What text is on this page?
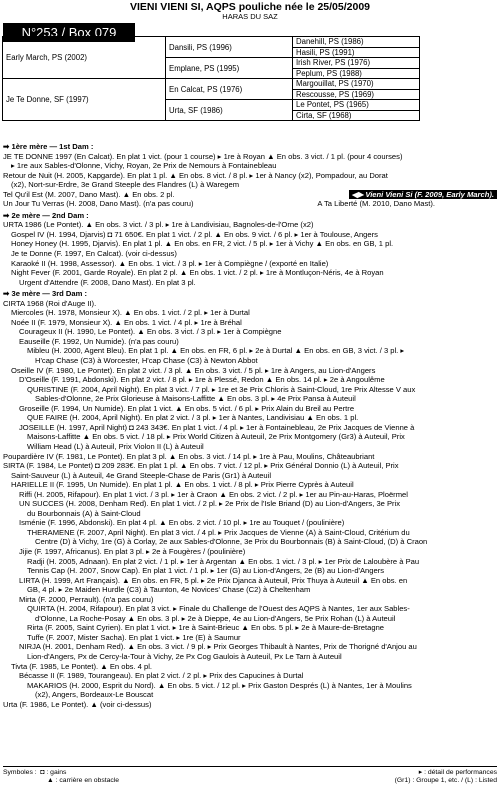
VIENI VIENI SI, AQPS pouliche née le 25/05/2009
HARAS DU SAZ
N°253 / Box 079
Early March, PS (2002)	Dansili, PS (1996)	Danehill, PS (1986)
		Hasili, PS (1991)
	Emplane, PS (1995)	Irish River, PS (1976)
		Peplum, PS (1988)
Je Te Donne, SF (1997)	En Calcat, PS (1976)	Margouillat, PS (1970)
		Rescousse, PS (1969)
	Urta, SF (1986)	Le Pontet, PS (1965)
		Cirta, SF (1968)
➡ 1ère mère — 1st Dam :
JE TE DONNE 1997 (En Calcat). En plat 1 vict. (pour 1 course) ▸ 1re à Royan ▲ En obs. 3 vict. / 1 pl. (pour 4 courses)
▸ 1re aux Sables-d'Olonne, Vichy, Royan, 2e Prix de Nemours à Fontainebleau
Retour de Nuit (H. 2005, Kapgarde). En plat 1 pl. ▲ En obs. 8 vict. / 8 pl. ▸ 1er à Nancy (x2), Pompadour, au Dorat
(x2), Nort-sur-Erdre, 3e Grand Steeple des Flandres (L) à Waregem
Tel Qu'il Est (M. 2007, Dano Mast). ▲ En obs. 2 pl.	◀▶ Vieni Vieni Si (F. 2009, Early March).
Un Jour Tu Verras (H. 2008, Dano Mast). (n'a pas couru)	A Ta Liberté (M. 2010, Dano Mast).
➡ 2e mère — 2nd Dam :
URTA 1986 (Le Pontet). ▲ En obs. 3 vict. / 3 pl. ▸ 1re à Landivisiau, Bagnoles-de-l'Orne (x2)
Gospel IV (H. 1994, Djarvis) ◘ 71 650€. En plat 1 vict. / 2 pl. ▲ En obs. 9 vict. / 6 pl. ▸ 1er à Toulouse, Angers
Honey Honey (H. 1995, Djarvis). En plat 1 pl. ▲ En obs. en FR, 2 vict. / 5 pl. ▸ 1er à Vichy ▲ En obs. en GB, 1 pl.
Je te Donne (F. 1997, En Calcat). (voir ci-dessus)
Karaoké II (H. 1998, Assessor). ▲ En obs. 1 vict. / 3 pl. ▸ 1er à Compiègne / (exporté en Italie)
Night Fever (F. 2001, Garde Royale). En plat 2 pl. ▲ En obs. 1 vict. / 2 pl. ▸ 1re à Montluçon-Néris, 4e à Royan
Urgent d'Attendre (F. 2008, Dano Mast). En plat 3 pl.
➡ 3e mère — 3rd Dam :
CIRTA 1968 (Roi d'Auge II).
Miercoles (H. 1978, Monsieur X). ▲ En obs. 1 vict. / 2 pl. ▸ 1er à Durtal
Noée II (F. 1979, Monsieur X). ▲ En obs. 1 vict. / 4 pl. ▸ 1re à Bréhal
Courageux II (H. 1990, Le Pontet). ▲ En obs. 3 vict. / 3 pl. ▸ 1er à Compiègne
Eauseille (F. 1992, Un Numide). (n'a pas couru)
Mibleu (H. 2000, Agent Bleu). En plat 1 pl. ▲ En obs. en FR, 6 pl. ▸ 2e à Durtal ▲ En obs. en GB, 3 vict. / 3 pl. ▸
H'cap Chase (C3) à Worcester, H'cap Chase (C3) à Newton Abbot
Oseille IV (F. 1980, Le Pontet). En plat 2 vict. / 3 pl. ▲ En obs. 3 vict. / 5 pl. ▸ 1re à Angers, au Lion-d'Angers
D'Oseille (F. 1991, Abdonski). En plat 2 vict. / 8 pl. ▸ 1re à Plessé, Redon ▲ En obs. 14 pl. ▸ 2e à Angoulême
QURISTINE (F. 2004, April Night). En plat 3 vict. / 7 pl. ▸ 1re et 3e Prix Chloris à Saint-Cloud, 1re Prix Altesse V aux
Sables-d'Olonne, 2e Prix Glorieuse à Maisons-Laffitte ▲ En obs. 3 pl. ▸ 4e Prix Pansa à Auteuil
Groseille (F. 1994, Un Numide). En plat 1 vict. ▲ En obs. 5 vict. / 6 pl. ▸ Prix Alain du Breil au Pertre
QUE FAIRE (H. 2004, April Night). En plat 2 vict. / 3 pl. ▸ 1er à Nantes, Landivisiau ▲ En obs. 1 pl.
JOSEILLE (H. 1997, April Night) ◘ 243 343€. En plat 1 vict. / 4 pl. ▸ 1er à Fontainebleau, 2e Prix Jacques de Vienne à
Maisons-Laffitte ▲ En obs. 5 vict. / 18 pl. ▸ Prix World Citizen à Auteuil, 2e Prix Montgomery (Gr3) à Auteuil, Prix
William Head (L) à Auteuil, Prix Violon II (L) à Auteuil
Poupardière IV (F. 1981, Le Pontet). En plat 3 pl. ▲ En obs. 3 vict. / 14 pl. ▸ 1re à Pau, Moulins, Châteaubriant
SIRTA (F. 1984, Le Pontet) ◘ 209 283€. En plat 1 pl. ▲ En obs. 7 vict. / 12 pl. ▸ Prix Général Donnio (L) à Auteuil, Prix
Saint-Sauveur (L) à Auteuil, 4e Grand Steeple-Chase de Paris (Gr1) à Auteuil
HARIELLE II (F. 1995, Un Numide). En plat 1 pl. ▲ En obs. 1 vict. / 8 pl. ▸ Prix Pierre Cyprès à Auteuil
Riffi (H. 2005, Rifapour). En plat 1 vict. / 3 pl. ▸ 1er à Craon ▲ En obs. 2 vict. / 2 pl. ▸ 1er au Pin-au-Haras, Ploërmel
UN SUCCES (H. 2008, Denham Red). En plat 1 vict. / 2 pl. ▸ 2e Prix de l'Isle Briand (D) au Lion-d'Angers, 3e Prix
du Bourbonnais (A) à Saint-Cloud
Isménie (F. 1996, Abdonski). En plat 4 pl. ▲ En obs. 2 vict. / 10 pl. ▸ 1re au Touquet / (poulinière)
THERAMENE (F. 2007, April Night). En plat 3 vict. / 4 pl. ▸ Prix Jacques de Vienne (A) à Saint-Cloud, Critérium du
Centre (D) à Vichy, 1re (G) à Corlay, 2e aux Sables-d'Olonne, 3e Prix du Bourbonnais (B) à Saint-Cloud, (D) à Craon
Jijie (F. 1997, Africanus). En plat 3 pl. ▸ 2e à Fougères / (poulinière)
Radji (H. 2005, Adnaan). En plat 2 vict. / 1 pl. ▸ 1er à Argentan ▲ En obs. 1 vict. / 3 pl. ▸ 1er Prix de Laloubère à Pau
Tennis Cap (H. 2007, Snow Cap). En plat 1 vict. / 1 pl. ▸ 1er (G) au Lion-d'Angers, 2e (B) au Lion-d'Angers
LIRTA (H. 1999, Art Français). ▲ En obs. en FR, 5 pl. ▸ 2e Prix Djanca à Auteuil, Prix Thuya à Auteuil ▲ En obs. en
GB, 4 pl. ▸ 2e Maiden Hurdle (C3) à Taunton, 4e Novices' Chase (C2) à Cheltenham
Mirta (F. 2000, Perrault). (n'a pas couru)
QUIRTA (H. 2004, Rifapour). En plat 3 vict. ▸ Finale du Challenge de l'Ouest des AQPS à Nantes, 1er aux Sables-
d'Olonne, La Roche-Posay ▲ En obs. 3 pl. ▸ 2e à Dieppe, 4e au Lion-d'Angers, 5e Prix Rohan (L) à Auteuil
Rirta (F. 2005, Saint Cyrien). En plat 1 vict. ▸ 1re à Saint-Brieuc ▲ En obs. 5 pl. ▸ 2e à Maure-de-Bretagne
Tuffe (F. 2007, Mister Sacha). En plat 1 vict. ▸ 1re (E) à Saumur
NIRJA (H. 2001, Denham Red). ▲ En obs. 3 vict. / 9 pl. ▸ Prix Georges Thibault à Nantes, Prix de Thorigné d'Anjou au
Lion-d'Angers, Px de Cercy-la-Tour à Vichy, 2e Px Cog Gaulois à Auteuil, Px Le Tarn à Auteuil
Tivta (F. 1985, Le Pontet). ▲ En obs. 4 pl.
Bécasse II (F. 1989, Tourangeau). En plat 2 vict. / 2 pl. ▸ Prix des Capucines à Durtal
MAKARIOS (H. 2000, Esprit du Nord). ▲ En obs. 5 vict. / 12 pl. ▸ Prix Gaston Després (L) à Nantes, 1er à Moulins
(x2), Angers, Bordeaux-Le Bouscat
Urta (F. 1986, Le Pontet). ▲ (voir ci-dessus)
Symboles : ◘ : gains	▸ : détail de performances
▲ : carrière en obstacle	(Gr1) : Groupe 1, etc. / (L) : Listed
